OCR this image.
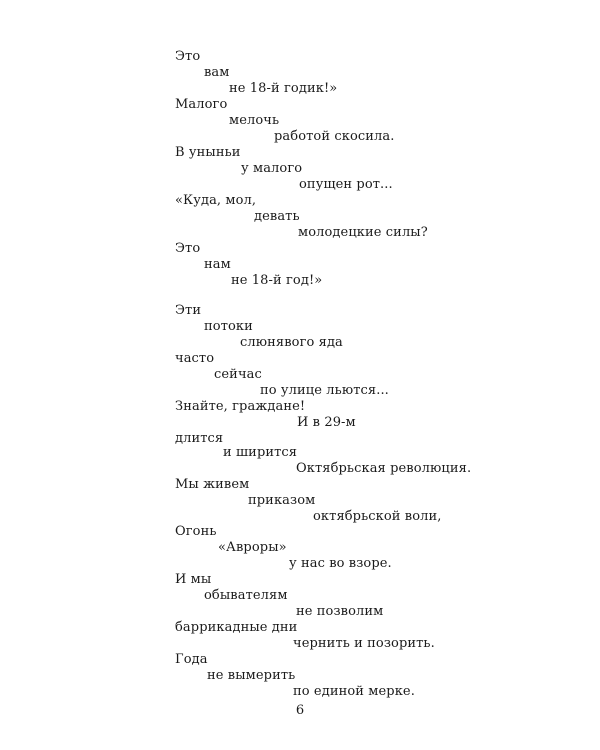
Это
вам
не 18-й годик!»
Малого
мелочь
работой скосила.
В уныньи
у малого
опущен рот...
«Куда, мол,
девать
молодецкие силы?
Это
нам
не 18-й год!»
Эти
потоки
слюнявого яда
часто
сейчас
по улице льются...
Знайте, граждане!
И в 29-м
длится
и ширится
Октябрьская революция.
Мы живем
приказом
октябрьской воли,
Огонь
«Авроры»
у нас во взоре.
И мы
обывателям
не позволим
баррикадные дни
чернить и позорить.
Года
не вымерить
по единой мерке.
6
